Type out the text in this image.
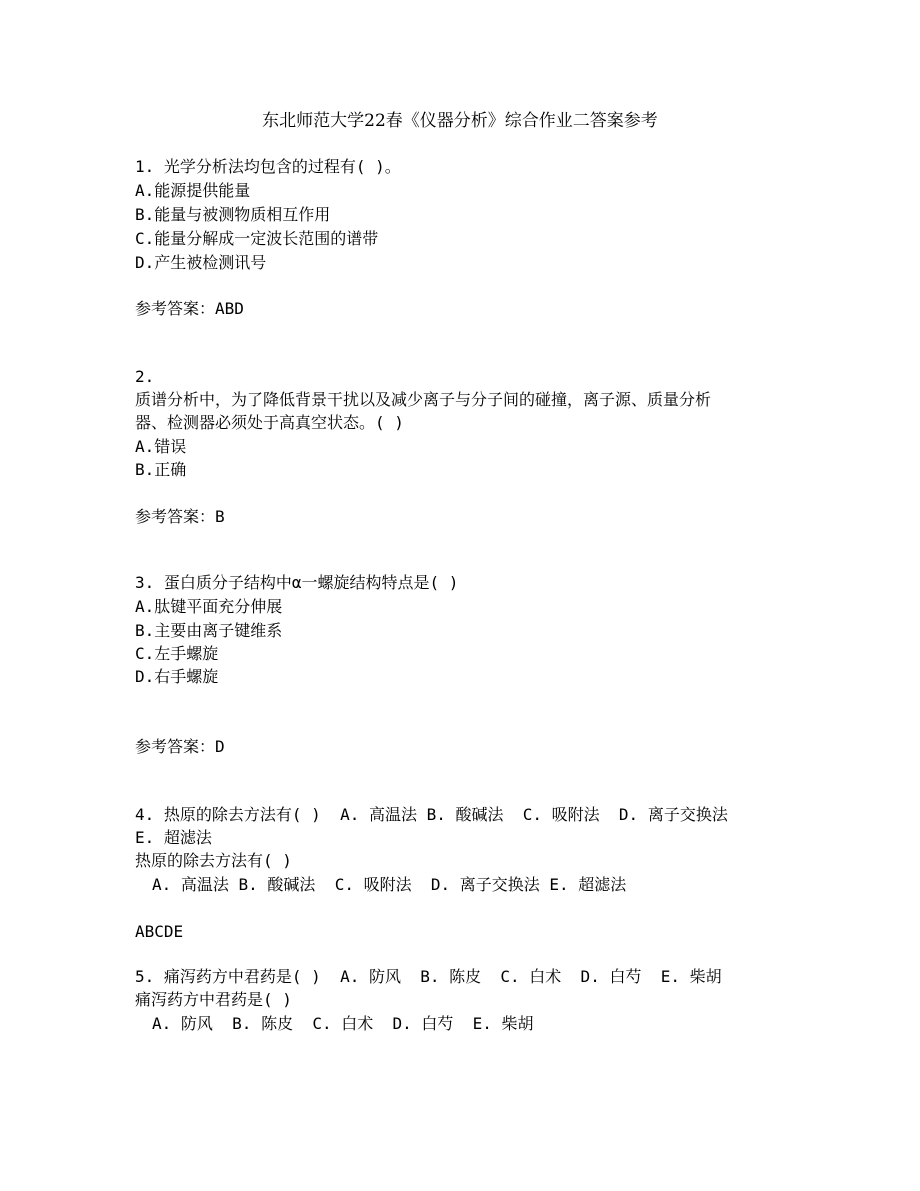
东北师范大学22春《仪器分析》综合作业二答案参考
1. 光学分析法均包含的过程有( )。
A.能源提供能量
B.能量与被测物质相互作用
C.能量分解成一定波长范围的谱带
D.产生被检测讯号
参考答案：ABD
2.
质谱分析中，为了降低背景干扰以及减少离子与分子间的碰撞，离子源、质量分析
器、检测器必须处于高真空状态。( )
A.错误
B.正确
参考答案：B
3. 蛋白质分子结构中α一螺旋结构特点是( )
A.肽键平面充分伸展
B.主要由离子键维系
C.左手螺旋
D.右手螺旋
参考答案：D
4. 热原的除去方法有( )  A. 高温法 B. 酸碱法  C. 吸附法  D. 离子交换法
E. 超滤法
热原的除去方法有( )
A. 高温法 B. 酸碱法  C. 吸附法  D. 离子交换法 E. 超滤法
ABCDE
5. 痛泻药方中君药是( )  A. 防风  B. 陈皮  C. 白术  D. 白芍  E. 柴胡
痛泻药方中君药是( )
A. 防风  B. 陈皮  C. 白术  D. 白芍  E. 柴胡
